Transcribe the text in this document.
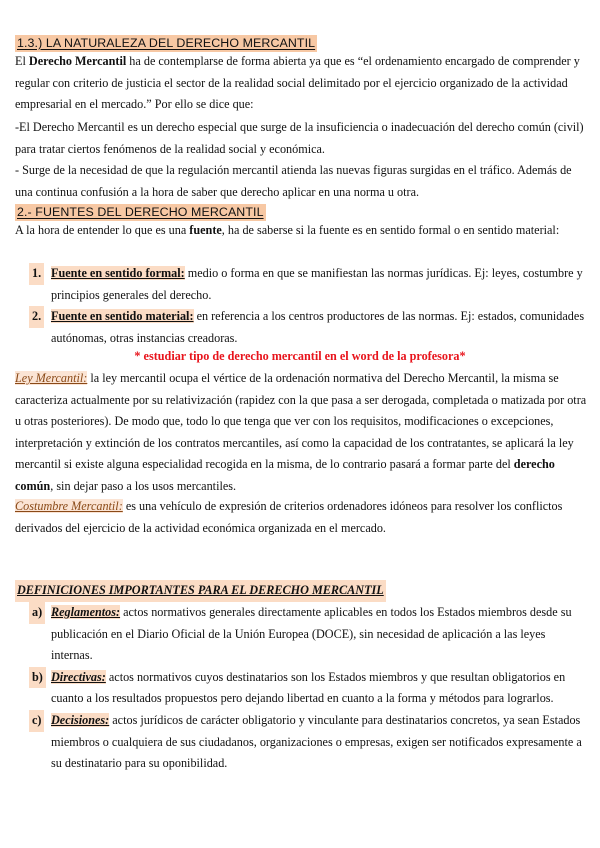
1.3.) LA NATURALEZA DEL DERECHO MERCANTIL

El Derecho Mercantil ha de contemplarse de forma abierta ya que es “el ordenamiento encargado de comprender y regular con criterio de justicia el sector de la realidad social delimitado por el ejercicio organizado de la actividad empresarial en el mercado.” Por ello se dice que:

-El Derecho Mercantil es un derecho especial que surge de la insuficiencia o inadecuación del derecho común (civil) para tratar ciertos fenómenos de la realidad social y económica.

- Surge de la necesidad de que la regulación mercantil atienda las nuevas figuras surgidas en el tráfico. Además de una continua confusión a la hora de saber que derecho aplicar en una norma u otra.

2.- FUENTES DEL DERECHO MERCANTIL

A la hora de entender lo que es una fuente, ha de saberse si la fuente es en sentido formal o en sentido material:

1. Fuente en sentido formal: medio o forma en que se manifiestan las normas jurídicas. Ej: leyes, costumbre y principios generales del derecho.
2. Fuente en sentido material: en referencia a los centros productores de las normas. Ej: estados, comunidades autónomas, otras instancias creadoras.
* estudiar tipo de derecho mercantil en el word de la profesora*

Ley Mercantil: la ley mercantil ocupa el vértice de la ordenación normativa del Derecho Mercantil, la misma se caracteriza actualmente por su relativización (rapidez con la que pasa a ser derogada, completada o matizada por otra u otras posteriores). De modo que, todo lo que tenga que ver con los requisitos, modificaciones o excepciones, interpretación y extinción de los contratos mercantiles, así como la capacidad de los contratantes, se aplicará la ley mercantil si existe alguna especialidad recogida en la misma, de lo contrario pasará a formar parte del derecho común, sin dejar paso a los usos mercantiles.

Costumbre Mercantil: es una vehículo de expresión de criterios ordenadores idóneos para resolver los conflictos derivados del ejercicio de la actividad económica organizada en el mercado.

DEFINICIONES IMPORTANTES PARA EL DERECHO MERCANTIL
a) Reglamentos: actos normativos generales directamente aplicables en todos los Estados miembros desde su publicación en el Diario Oficial de la Unión Europea (DOCE), sin necesidad de aplicación a las leyes internas.
b) Directivas: actos normativos cuyos destinatarios son los Estados miembros y que resultan obligatorios en cuanto a los resultados propuestos pero dejando libertad en cuanto a la forma y métodos para lograrlos.
c) Decisiones: actos jurídicos de carácter obligatorio y vinculante para destinatarios concretos, ya sean Estados miembros o cualquiera de sus ciudadanos, organizaciones o empresas, exigen ser notificados expresamente a su destinatario para su oponibilidad.
